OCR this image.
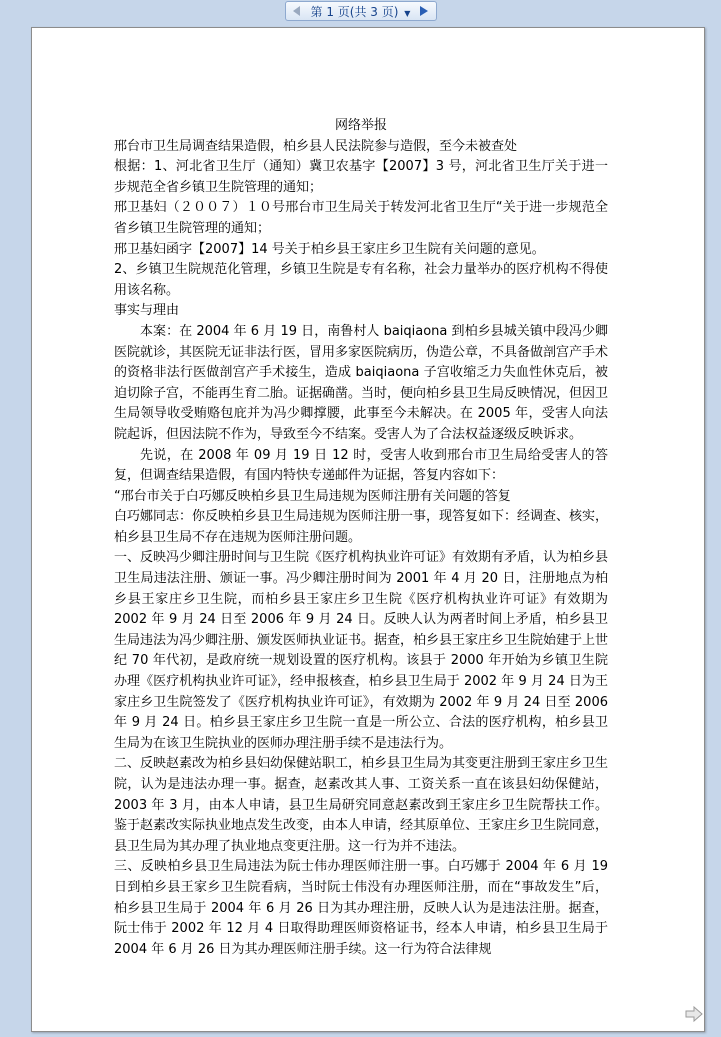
第 1 页(共 3 页) ▼

网络举报

邢台市卫生局调查结果造假，柏乡县人民法院参与造假，至今未被查处

根据：1、河北省卫生厅（通知）冀卫农基字【2007】3 号，河北省卫生厅关于进一步规范全省乡镇卫生院管理的通知；

邢卫基妇（２００７）１０号邢台市卫生局关于转发河北省卫生厅“关于进一步规范全省乡镇卫生院管理的通知；

邢卫基妇函字【2007】14 号关于柏乡县王家庄乡卫生院有关问题的意见。

2、乡镇卫生院规范化管理，乡镇卫生院是专有名称，社会力量举办的医疗机构不得使用该名称。

事实与理由

本案：在 2004 年 6 月 19 日，南鲁村人 baiqiaona 到柏乡县城关镇中段冯少卿医院就诊，其医院无证非法行医，冒用多家医院病历，伪造公章，不具备做剖宫产手术的资格非法行医做剖宫产手术接生，造成 baiqiaona 子宫收缩乏力失血性休克后，被迫切除子宫，不能再生育二胎。证据确凿。当时，便向柏乡县卫生局反映情况，但因卫生局领导收受贿赂包庇并为冯少卿撑腰，此事至今未解决。在 2005 年，受害人向法院起诉，但因法院不作为，导致至今不结案。受害人为了合法权益逐级反映诉求。

先说，在 2008 年 09 月 19 日 12 时，受害人收到邢台市卫生局给受害人的答复，但调查结果造假，有国内特快专递邮件为证据，答复内容如下：

“邢台市关于白巧娜反映柏乡县卫生局违规为医师注册有关问题的答复

白巧娜同志：你反映柏乡县卫生局违规为医师注册一事，现答复如下：经调查、核实，柏乡县卫生局不存在违规为医师注册问题。

一、反映冯少卿注册时间与卫生院《医疗机构执业许可证》有效期有矛盾，认为柏乡县卫生局违法注册、颁证一事。冯少卿注册时间为 2001 年 4 月 20 日，注册地点为柏乡县王家庄乡卫生院，而柏乡县王家庄乡卫生院《医疗机构执业许可证》有效期为 2002 年 9 月 24 日至 2006 年 9 月 24 日。反映人认为两者时间上矛盾，柏乡县卫生局违法为冯少卿注册、颁发医师执业证书。据查，柏乡县王家庄乡卫生院始建于上世纪 70 年代初，是政府统一规划设置的医疗机构。该县于 2000 年开始为乡镇卫生院办理《医疗机构执业许可证》，经申报核查，柏乡县卫生局于 2002 年 9 月 24 日为王家庄乡卫生院签发了《医疗机构执业许可证》，有效期为 2002 年 9 月 24 日至 2006 年 9 月 24 日。柏乡县王家庄乡卫生院一直是一所公立、合法的医疗机构，柏乡县卫生局为在该卫生院执业的医师办理注册手续不是违法行为。

二、反映赵素改为柏乡县妇幼保健站职工，柏乡县卫生局为其变更注册到王家庄乡卫生院，认为是违法办理一事。据查，赵素改其人事、工资关系一直在该县妇幼保健站，2003 年 3 月，由本人申请，县卫生局研究同意赵素改到王家庄乡卫生院帮扶工作。鉴于赵素改实际执业地点发生改变，由本人申请，经其原单位、王家庄乡卫生院同意，县卫生局为其办理了执业地点变更注册。这一行为并不违法。

三、反映柏乡县卫生局违法为阮士伟办理医师注册一事。白巧娜于 2004 年 6 月 19 日到柏乡县王家乡卫生院看病，当时阮士伟没有办理医师注册，而在“事故发生”后，柏乡县卫生局于 2004 年 6 月 26 日为其办理注册，反映人认为是违法注册。据查，阮士伟于 2002 年 12 月 4 日取得助理医师资格证书，经本人申请，柏乡县卫生局于 2004 年 6 月 26 日为其办理医师注册手续。这一行为符合法律规
